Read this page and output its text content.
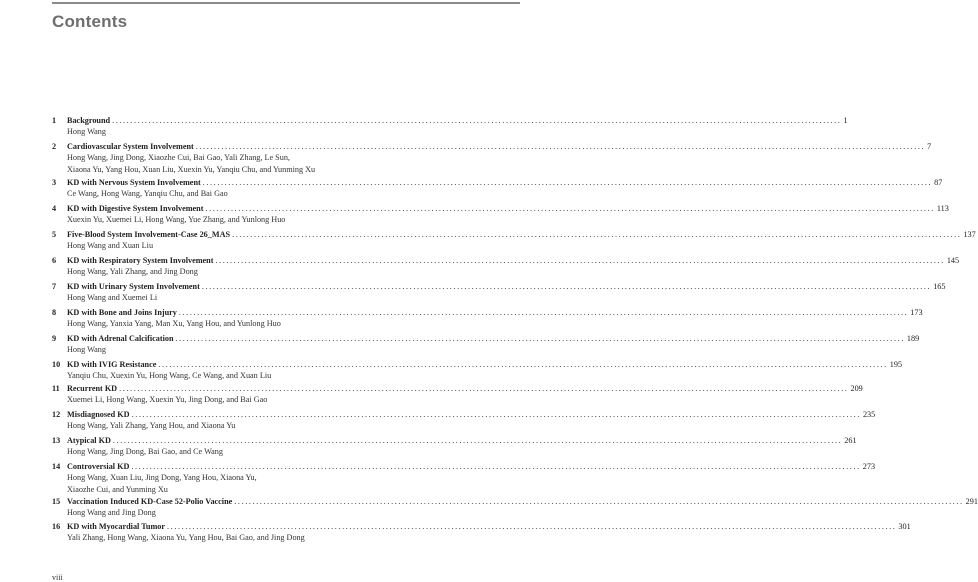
Contents
1	Background ........................................................................................................................................................................................................ 1
Hong Wang
2	Cardiovascular System Involvement ........................................................................................................................................................................................................ 7
Hong Wang, Jing Dong, Xiaozhe Cui, Bai Gao, Yali Zhang, Le Sun,
Xiaona Yu, Yang Hou, Xuan Liu, Xuexin Yu, Yanqiu Chu, and Yunming Xu
3	KD with Nervous System Involvement ........................................................................................................................................................................................................ 87
Ce Wang, Hong Wang, Yanqiu Chu, and Bai Gao
4	KD with Digestive System Involvement ........................................................................................................................................................................................................ 113
Xuexin Yu, Xuemei Li, Hong Wang, Yue Zhang, and Yunlong Huo
5	Five-Blood System Involvement-Case 26_MAS ........................................................................................................................................................................................................ 137
Hong Wang and Xuan Liu
6	KD with Respiratory System Involvement ........................................................................................................................................................................................................ 145
Hong Wang, Yali Zhang, and Jing Dong
7	KD with Urinary System Involvement ........................................................................................................................................................................................................ 165
Hong Wang and Xuemei Li
8	KD with Bone and Joins Injury ........................................................................................................................................................................................................ 173
Hong Wang, Yanxia Yang, Man Xu, Yang Hou, and Yunlong Huo
9	KD with Adrenal Calcification ........................................................................................................................................................................................................ 189
Hong Wang
10 KD with IVIG Resistance ........................................................................................................................................................................................................ 195
Yanqiu Chu, Xuexin Yu, Hong Wang, Ce Wang, and Xuan Liu
11 Recurrent KD ........................................................................................................................................................................................................ 209
Xuemei Li, Hong Wang, Xuexin Yu, Jing Dong, and Bai Gao
12 Misdiagnosed KD ........................................................................................................................................................................................................ 235
Hong Wang, Yali Zhang, Yang Hou, and Xiaona Yu
13 Atypical KD ........................................................................................................................................................................................................ 261
Hong Wang, Jing Dong, Bai Gao, and Ce Wang
14 Controversial KD ........................................................................................................................................................................................................ 273
Hong Wang, Xuan Liu, Jing Dong, Yang Hou, Xiaona Yu,
Xiaozhe Cui, and Yunming Xu
15 Vaccination Induced KD-Case 52-Polio Vaccine ........................................................................................................................................................................................................ 291
Hong Wang and Jing Dong
16 KD with Myocardial Tumor ........................................................................................................................................................................................................ 301
Yali Zhang, Hong Wang, Xiaona Yu, Yang Hou, Bai Gao, and Jing Dong
viii
